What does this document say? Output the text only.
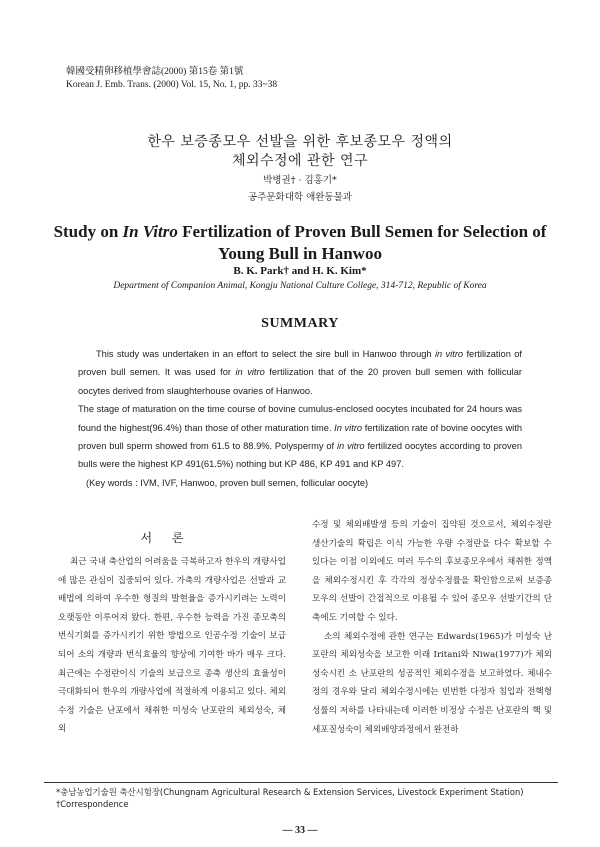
韓國受精卵移植學會誌(2000) 第15卷 第1號
Korean J. Emb. Trans. (2000) Vol. 15, No. 1, pp. 33~38
한우 보증종모우 선발을 위한 후보종모우 정액의
체외수정에 관한 연구
박병권† · 김홍기*
공주문화대학 애완동물과
Study on In Vitro Fertilization of Proven Bull Semen for Selection of
Young Bull in Hanwoo
B. K. Park† and H. K. Kim*
Department of Companion Animal, Kongju National Culture College, 314-712, Republic of Korea
SUMMARY

This study was undertaken in an effort to select the sire bull in Hanwoo through in vitro fertilization of proven bull semen. It was used for in vitro fertilization that of the 20 proven bull semen with follicular oocytes derived from slaughterhouse ovaries of Hanwoo.

The stage of maturation on the time course of bovine cumulus-enclosed oocytes incubated for 24 hours was found the highest(96.4%) than those of other maturation time. In vitro fertilization rate of bovine oocytes with proven bull sperm showed from 61.5 to 88.9%. Polyspermy of in vitro fertilized oocytes according to proven bulls were the highest KP 491(61.5%) nothing but KP 486, KP 491 and KP 497.

(Key words : IVM, IVF, Hanwoo, proven bull semen, follicular oocyte)

서 론

최근 국내 축산업의 어려움을 극복하고자 한우의 개량사업에 많은 관심이 집중되어 있다. 가축의 개량사업은 선발과 교배법에 의하여 우수한 형질의 발현율을 증가시키려는 노력이 오랫동안 이루어져 왔다. 한편, 우수한 능력을 가진 종모축의 번식기회를 증가시키기 위한 방법으로 인공수정 기술이 보급되어 소의 개량과 번식효율의 향상에 기여한 바가 매우 크다. 최근에는 수정란이식 기술의 보급으로 종축 생산의 효율성이 극대화되어 한우의 개량사업에 적절하게 이용되고 있다. 체외수정 기술은 난포에서 채취한 미성숙 난포란의 체외성숙, 체외

수정 및 체외배발생 등의 기술이 집약된 것으로서, 체외수정란 생산기술의 확립은 이식 가능한 우량 수정란을 다수 확보할 수 있다는 이점 이외에도 여러 두수의 후보종모우에서 채취한 정액을 체외수정시킨 후 각각의 정상수정률을 확인함으로써 보증종모우의 선발이 간접적으로 이용될 수 있어 종모우 선발기간의 단축에도 기여할 수 있다.

소의 체외수정에 관한 연구는 Edwards(1965)가 미성숙 난포란의 체외성숙을 보고한 이래 Iritani와 Niwa(1977)가 체외성숙시킨 소 난포란의 성공적인 체외수정을 보고하였다. 체내수정의 경우와 달리 체외수정시에는 빈번한 다정자 침입과 전핵형성률의 저하를 나타내는데 이러한 비정상 수정은 난포란의 핵 및 세포질성숙이 체외배양과정에서 완전하

*충남농업기술원 축산시험장(Chungnam Agricultural Research & Extension Services, Livestock Experiment Station)
†Correspondence
— 33 —
